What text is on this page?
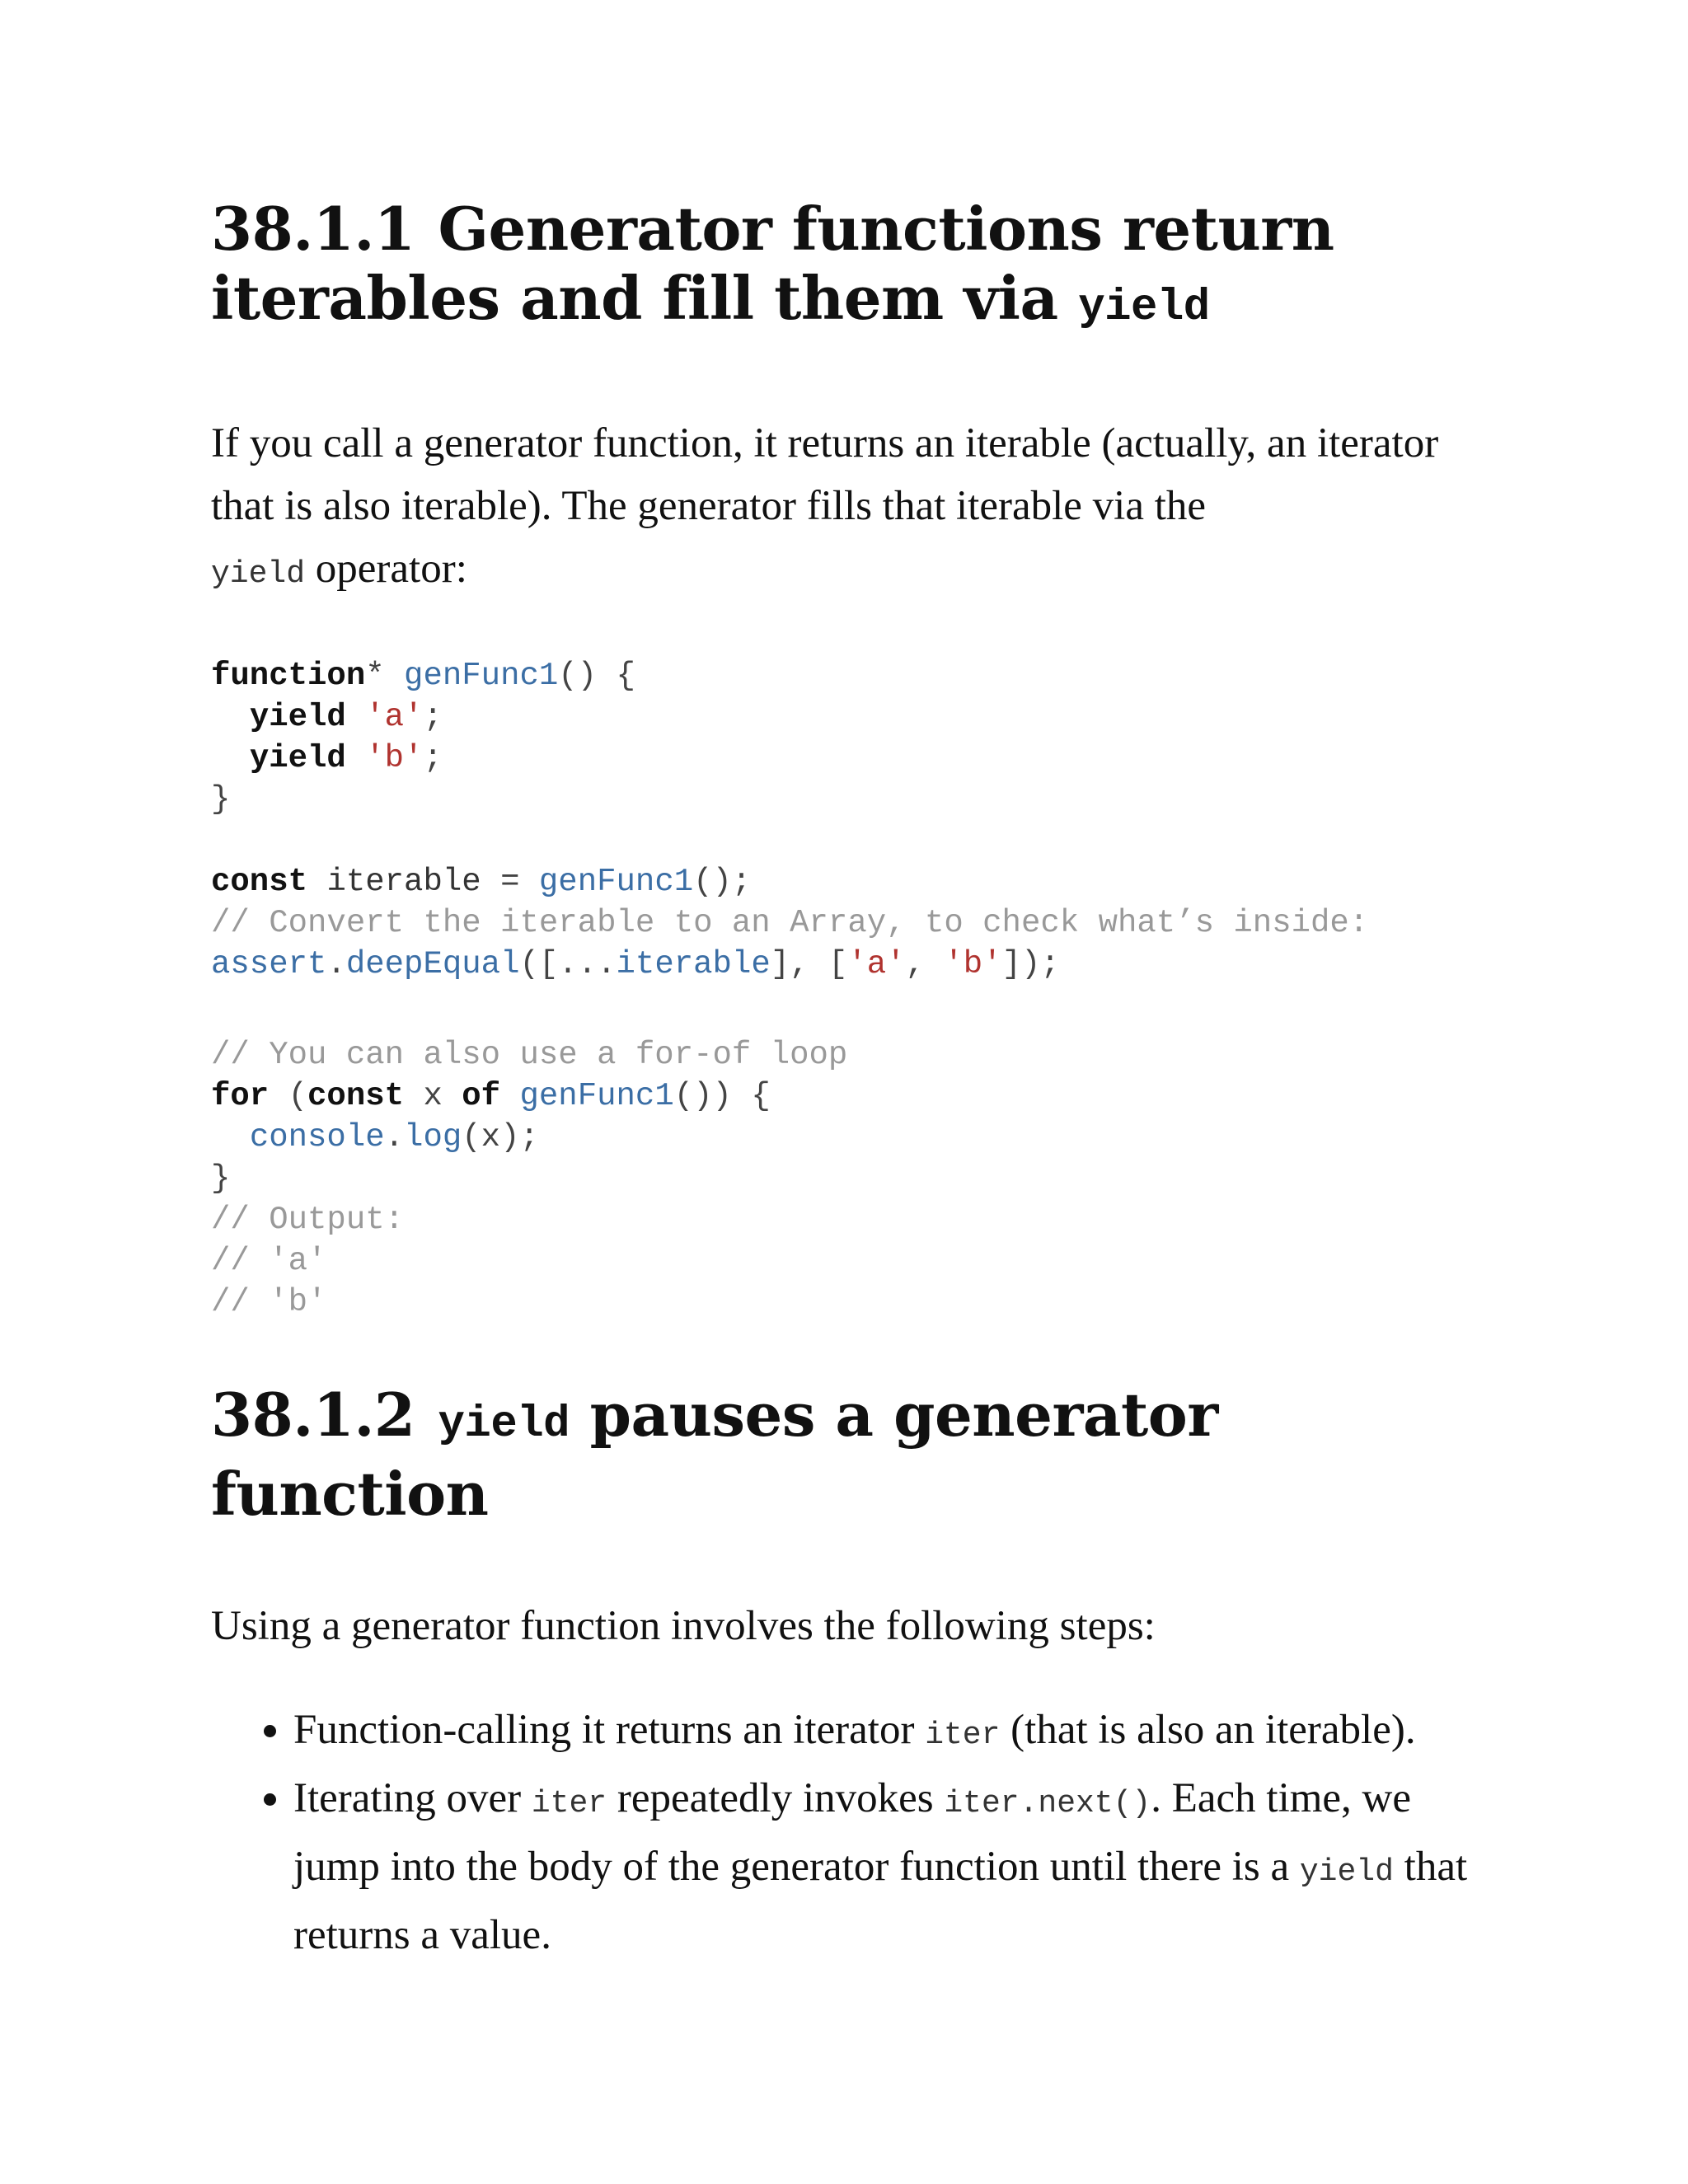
38.1.1 Generator functions return
iterables and fill them via yield

If you call a generator function, it returns an iterable (actually, an iterator that is also iterable). The generator fills that iterable via the
yield operator:

function* genFunc1() {
yield 'a';
yield 'b';
}

const iterable = genFunc1();
// Convert the iterable to an Array, to check what’s inside:
assert.deepEqual([...iterable], ['a', 'b']);

// You can also use a for-of loop
for (const x of genFunc1()) {
console.log(x);
}
// Output:
// 'a'
// 'b'
38.1.2 yield pauses a generator function

Using a generator function involves the following steps:

• Function-calling it returns an iterator iter (that is also an iterable).
• Iterating over iter repeatedly invokes iter.next(). Each time, we jump into the body of the generator function until there is a yield that returns a value.
